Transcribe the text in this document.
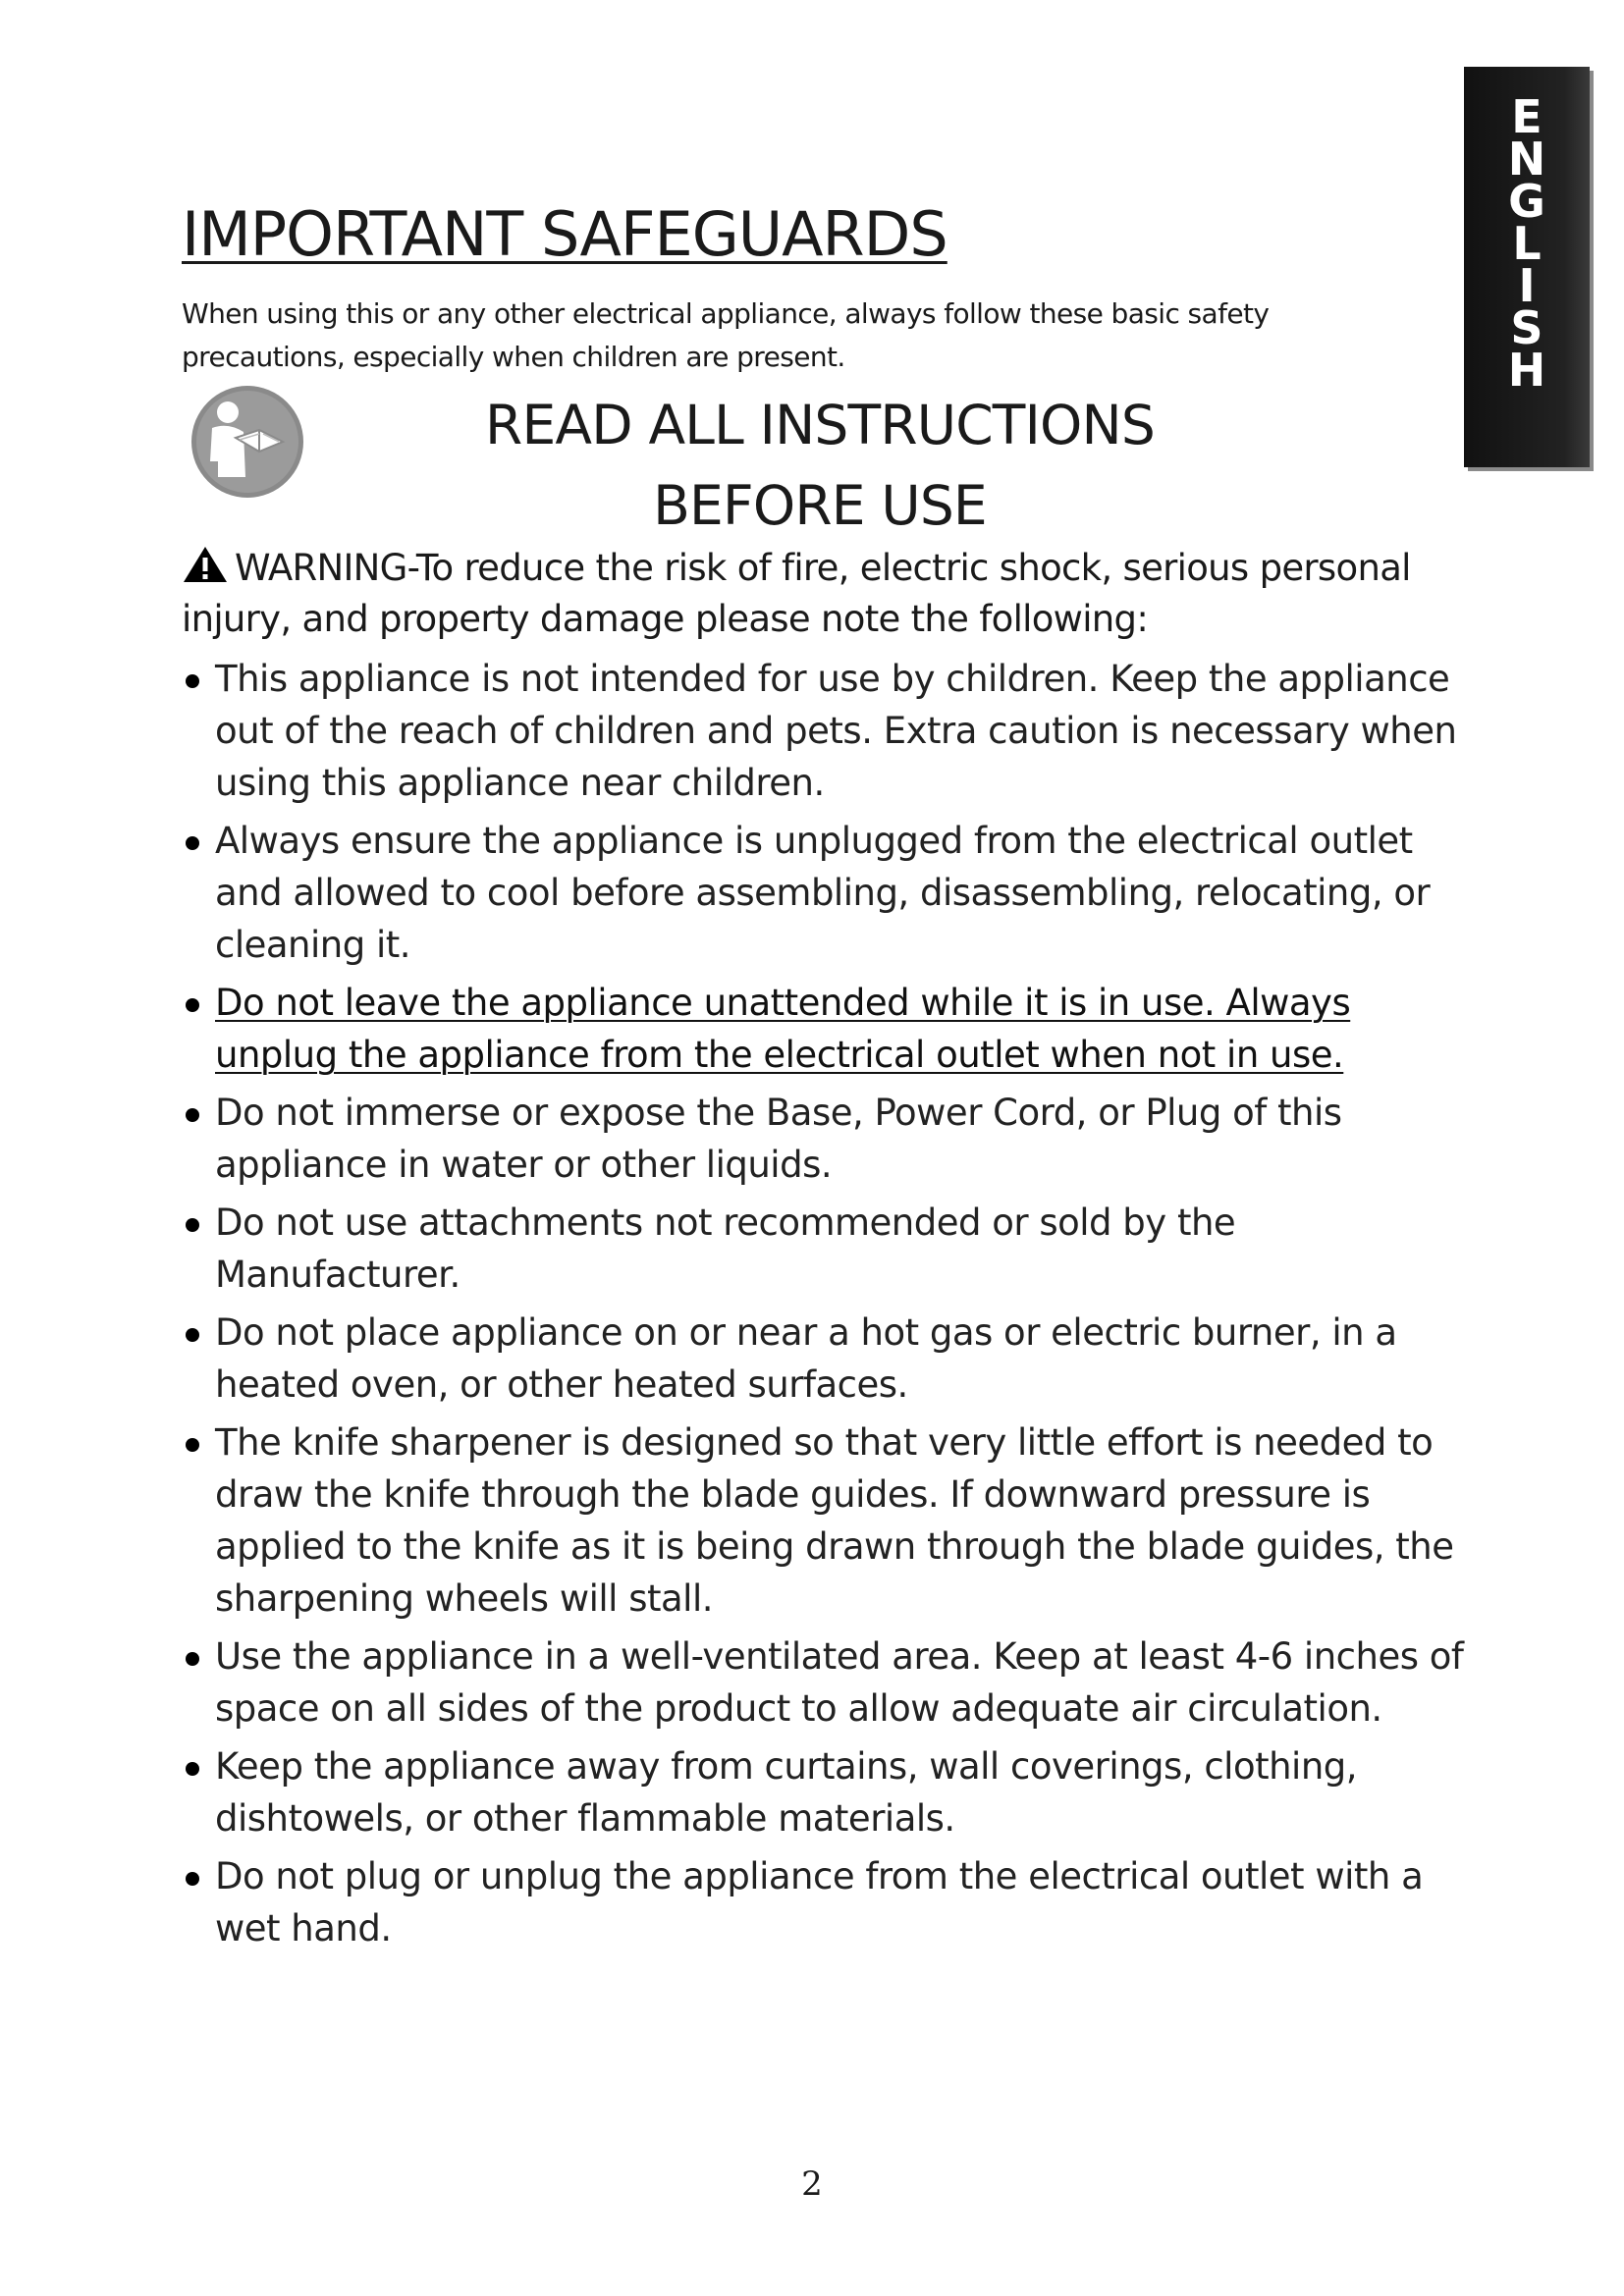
E
N
G
L
I
S
H
IMPORTANT SAFEGUARDS

When using this or any other electrical appliance, always follow these basic safety precautions, especially when children are present.

READ ALL INSTRUCTIONS
BEFORE USE
WARNING-To reduce the risk of fire, electric shock, serious personal injury, and property damage please note the following:
This appliance is not intended for use by children. Keep the appliance out of the reach of children and pets. Extra caution is necessary when using this appliance near children.
Always ensure the appliance is unplugged from the electrical outlet and allowed to cool before assembling, disassembling, relocating, or cleaning it.
Do not leave the appliance unattended while it is in use. Always unplug the appliance from the electrical outlet when not in use.
Do not immerse or expose the Base, Power Cord, or Plug of this appliance in water or other liquids.
Do not use attachments not recommended or sold by the Manufacturer.
Do not place appliance on or near a hot gas or electric burner, in a heated oven, or other heated surfaces.
The knife sharpener is designed so that very little effort is needed to draw the knife through the blade guides. If downward pressure is applied to the knife as it is being drawn through the blade guides, the sharpening wheels will stall.
Use the appliance in a well-ventilated area. Keep at least 4-6 inches of space on all sides of the product to allow adequate air circulation.
Keep the appliance away from curtains, wall coverings, clothing, dishtowels, or other flammable materials.
Do not plug or unplug the appliance from the electrical outlet with a wet hand.
2
